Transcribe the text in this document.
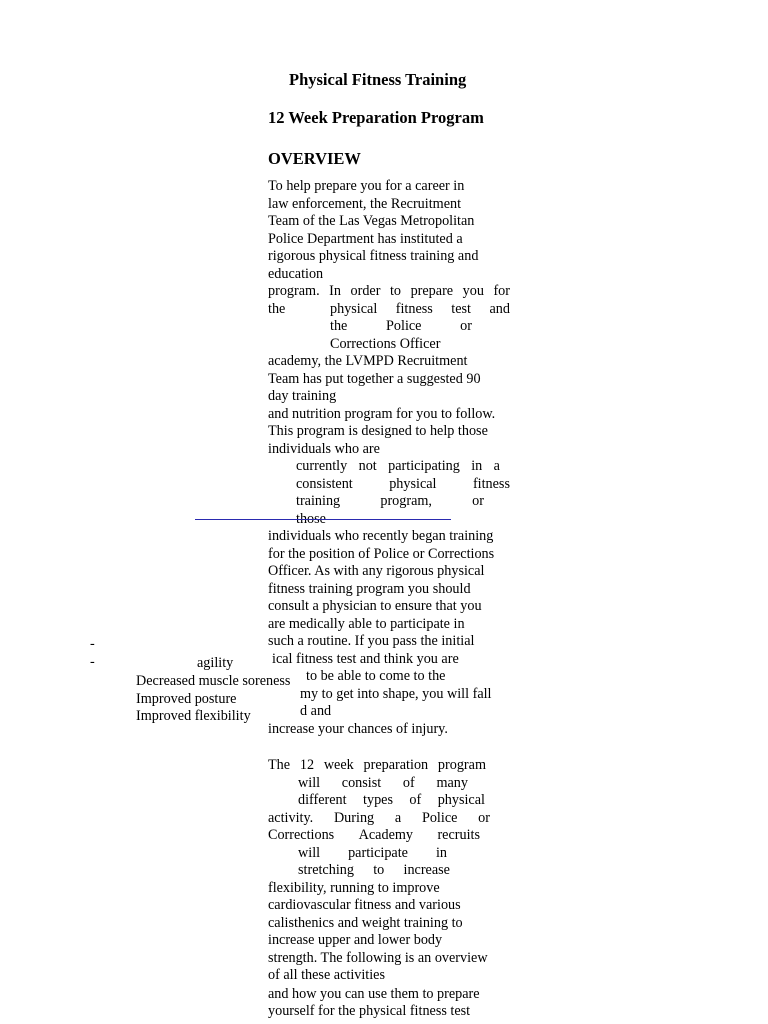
Physical Fitness Training
12 Week Preparation Program
OVERVIEW
To help prepare you for a career in
law enforcement, the Recruitment
Team of the Las Vegas Metropolitan
Police Department has instituted a
rigorous physical fitness training and
education
program. In order to prepare you for
the	physical fitness test and
the	Police	or
Corrections Officer
academy, the LVMPD Recruitment
Team has put together a suggested 90
day training
and nutrition program for you to follow.
This program is designed to help those
individuals who are
currently not participating in a
consistent	physical	fitness
training	program,	or
those
individuals who recently began training
for the position of Police or Corrections
Officer. As with any rigorous physical
fitness training program you should
consult a physician to ensure that you
are medically able to participate in
such a routine. If you pass the initial
ical fitness test and think you are
to be able to come to the
my to get into shape, you will fall
d and
increase your chances of injury.
-
-	agility
Decreased muscle soreness
Improved posture
Improved flexibility
The 12 week preparation program
will consist of many
different types of physical
activity. During a Police or
Corrections Academy recruits
will participate in
stretching to increase
flexibility, running to improve
cardiovascular fitness and various
calisthenics and weight training to
increase upper and lower body
strength. The following is an overview
of all these activities
and how you can use them to prepare
yourself for the physical fitness test
